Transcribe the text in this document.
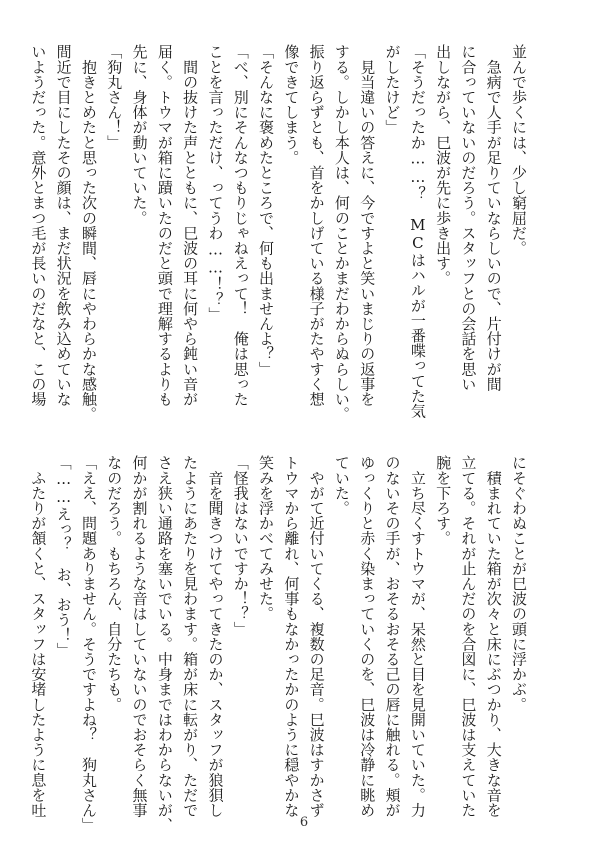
並んで歩くには、少し窮屈だ。
　急病で人手が足りていならしいので、片付けが間
に合っていないのだろう。スタッフとの会話を思い
出しながら、巳波が先に歩き出す。
「そうだったか……？　MCはハルが一番喋ってた気
がしたけど」
　見当違いの答えに、今ですよと笑いまじりの返事を
する。しかし本人は、何のことかまだわからぬらしい。
振り返らずとも、首をかしげている様子がたやすく想
像できてしまう。
「そんなに褒めたところで、何も出ませんよ？」
「べ、別にそんなつもりじゃねえって！　俺は思った
ことを言っただけ、ってうわ……！？」
　間の抜けた声とともに、巳波の耳に何やら鈍い音が
届く。トウマが箱に蹟いたのだと頭で理解するよりも
先に、身体が動いていた。
「狗丸さん！」
　抱きとめたと思った次の瞬間、唇にやわらかな感触。
間近で目にしたその顔は、まだ状況を飲み込めていな
いようだった。意外とまつ毛が長いのだなと、この場
にそぐわぬことが巳波の頭に浮かぶ。
　積まれていた箱が次々と床にぶつかり、大きな音を
立てる。それが止んだのを合図に、巳波は支えていた
腕を下ろす。
　立ち尽くすトウマが、呆然と目を見開いていた。力
のないその手が、おそるおそる己の唇に触れる。頬が
ゆっくりと赤く染まっていくのを、巳波は冷静に眺め
ていた。
　やがて近付いてくる、複数の足音。巳波はすかさず
トウマから離れ、何事もなかったかのように穏やかな
笑みを浮かべてみせた。
「怪我はないですか！？」
　音を聞きつけてやってきたのか、スタッフが狼狽し
たようにあたりを見わます。箱が床に転がり、ただで
さえ狭い通路を塞いでいる。中身まではわからないが、
何かが割れるような音はしていないのでおそらく無事
なのだろう。もちろん、自分たちも。
「ええ、問題ありません。そうですよね？　狗丸さん」
「……えっ？　お、おう！」
　ふたりが頷くと、スタッフは安堵したように息を吐
6
